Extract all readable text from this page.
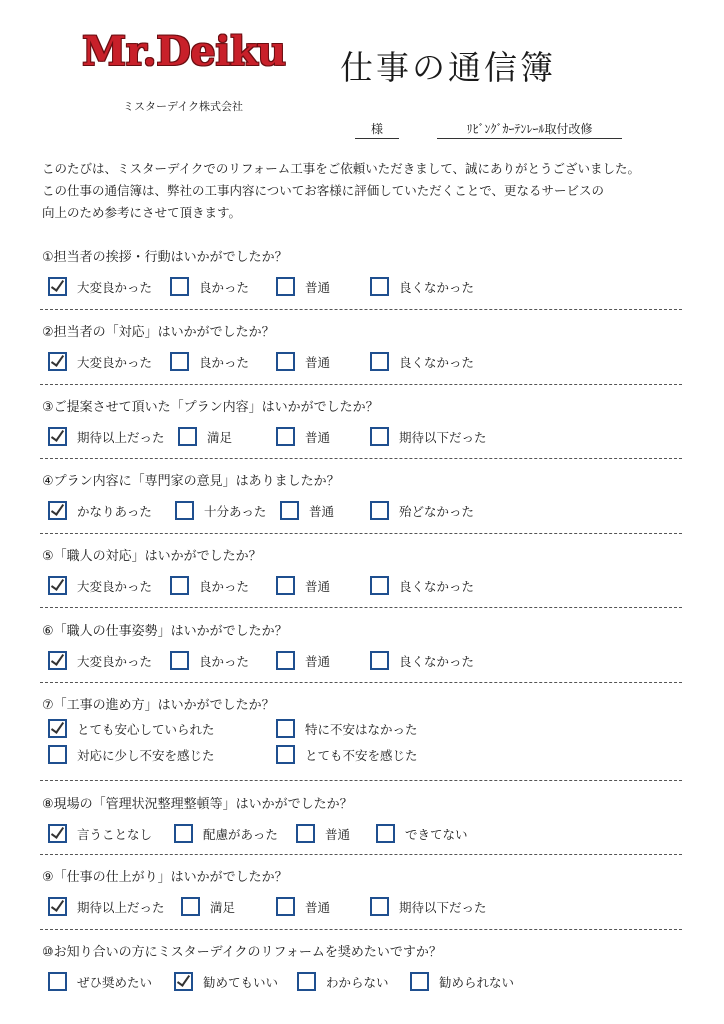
Mr.Deiku 仕事の通信簿
ミスターデイク株式会社
様	ﾘﾋﾞﾝｸﾞｶｰﾃﾝﾚｰﾙ取付改修
このたびは、ミスターデイクでのリフォーム工事をご依頼いただきまして、誠にありがとうございました。
この仕事の通信簿は、弊社の工事内容についてお客様に評価していただくことで、更なるサービスの
向上のため参考にさせて頂きます。
①担当者の挨拶・行動はいかがでしたか？
大変良かった	良かった	普通	良くなかった
②担当者の「対応」はいかがでしたか？
大変良かった	良かった	普通	良くなかった
③ご提案させて頂いた「プラン内容」はいかがでしたか？
期待以上だった	満足	普通	期待以下だった
④プラン内容に「専門家の意見」はありましたか？
かなりあった	十分あった	普通	殆どなかった
⑤「職人の対応」はいかがでしたか？
大変良かった	良かった	普通	良くなかった
⑥「職人の仕事姿勢」はいかがでしたか？
大変良かった	良かった	普通	良くなかった
⑦「工事の進め方」はいかがでしたか？
とても安心していられた	特に不安はなかった
対応に少し不安を感じた	とても不安を感じた
⑧現場の「管理状況整理整頓等」はいかがでしたか？
言うことなし	配慮があった	普通	できてない
⑨「仕事の仕上がり」はいかがでしたか？
期待以上だった	満足	普通	期待以下だった
⑩お知り合いの方にミスターデイクのリフォームを奨めたいですか？
ぜひ奨めたい	勧めてもいい	わからない	勧められない
